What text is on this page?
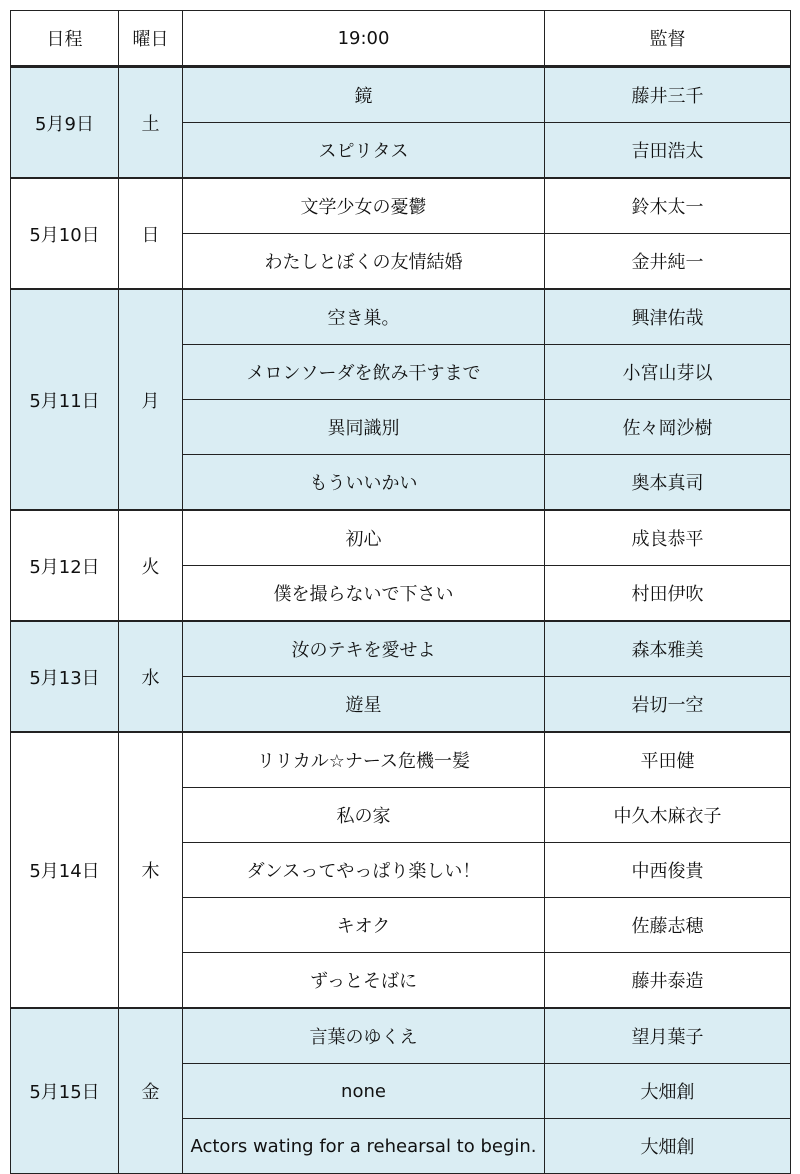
日程	曜日	19:00	監督
5月9日	土	鏡	藤井三千
		スピリタス	吉田浩太
5月10日	日	文学少女の憂鬱	鈴木太一
		わたしとぼくの友情結婚	金井純一
5月11日	月	空き巣。	興津佑哉
		メロンソーダを飲み干すまで	小宮山芽以
		異同識別	佐々岡沙樹
		もういいかい	奥本真司
5月12日	火	初心	成良恭平
		僕を撮らないで下さい	村田伊吹
5月13日	水	汝のテキを愛せよ	森本雅美
		遊星	岩切一空
5月14日	木	リリカル☆ナース危機一髪	平田健
		私の家	中久木麻衣子
		ダンスってやっぱり楽しい！	中西俊貴
		キオク	佐藤志穂
		ずっとそばに	藤井泰造
5月15日	金	言葉のゆくえ	望月葉子
		none	大畑創
		Actors wating for a rehearsal to begin.	大畑創
